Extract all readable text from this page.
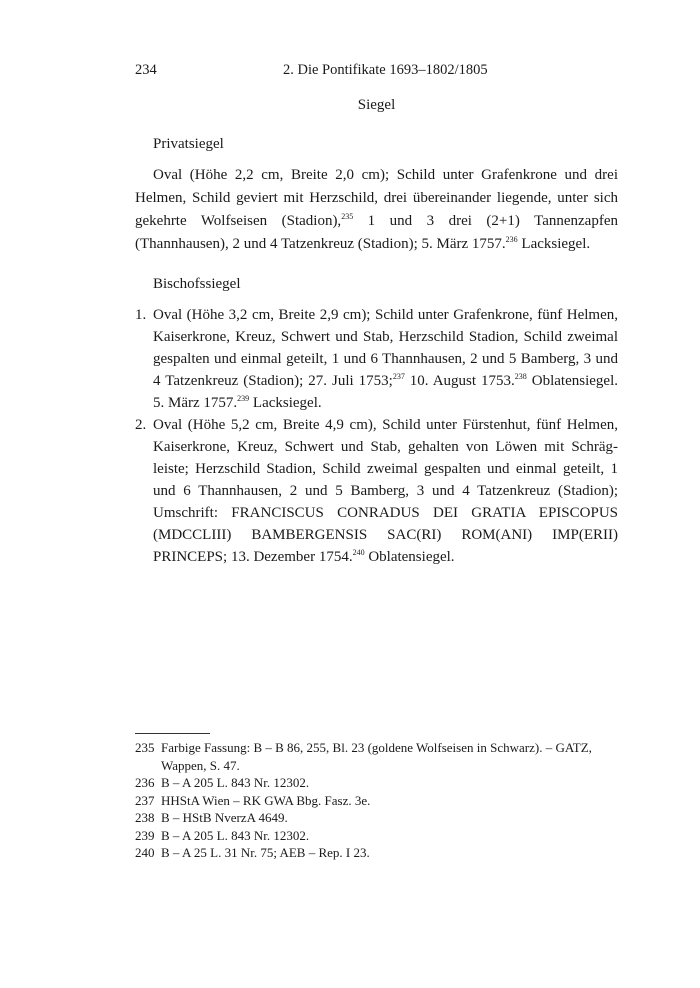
234	2. Die Pontifikate 1693–1802/1805
Siegel
Privatsiegel

Oval (Höhe 2,2 cm, Breite 2,0 cm); Schild unter Grafenkrone und drei Helmen, Schild geviert mit Herzschild, drei übereinander liegende, unter sich gekehrte Wolfseisen (Stadion),$^{235}$ 1 und 3 drei (2+1) Tannenzapfen (Thannhausen), 2 und 4 Tatzenkreuz (Stadion); 5. März 1757.$^{236}$ Lacksiegel.

Bischofssiegel
1. Oval (Höhe 3,2 cm, Breite 2,9 cm); Schild unter Grafenkrone, fünf Helmen, Kaiserkrone, Kreuz, Schwert und Stab, Herzschild Stadion, Schild zweimal gespalten und einmal geteilt, 1 und 6 Thannhausen, 2 und 5 Bamberg, 3 und 4 Tatzenkreuz (Stadion); 27. Juli 1753;$^{237}$ 10. August 1753.$^{238}$ Oblatensiegel. 5. März 1757.$^{239}$ Lacksiegel.
2. Oval (Höhe 5,2 cm, Breite 4,9 cm), Schild unter Fürstenhut, fünf Helmen, Kaiserkrone, Kreuz, Schwert und Stab, gehalten von Löwen mit Schrägleiste; Herzschild Stadion, Schild zweimal gespalten und einmal geteilt, 1 und 6 Thannhausen, 2 und 5 Bamberg, 3 und 4 Tatzenkreuz (Stadion); Umschrift: FRANCISCUS CONRADUS DEI GRATIA EPISCOPUS (MDCCLIII) BAMBERGENSIS SAC(RI) ROM(ANI) IMP(ERII) PRINCEPS; 13. Dezember 1754.$^{240}$ Oblatensiegel.
235 Farbige Fassung: B – B 86, 255, Bl. 23 (goldene Wolfseisen in Schwarz). – GATZ, Wappen, S. 47.
236 B – A 205 L. 843 Nr. 12302.
237 HHStA Wien – RK GWA Bbg. Fasz. 3e.
238 B – HStB NverzA 4649.
239 B – A 205 L. 843 Nr. 12302.
240 B – A 25 L. 31 Nr. 75; AEB – Rep. I 23.
